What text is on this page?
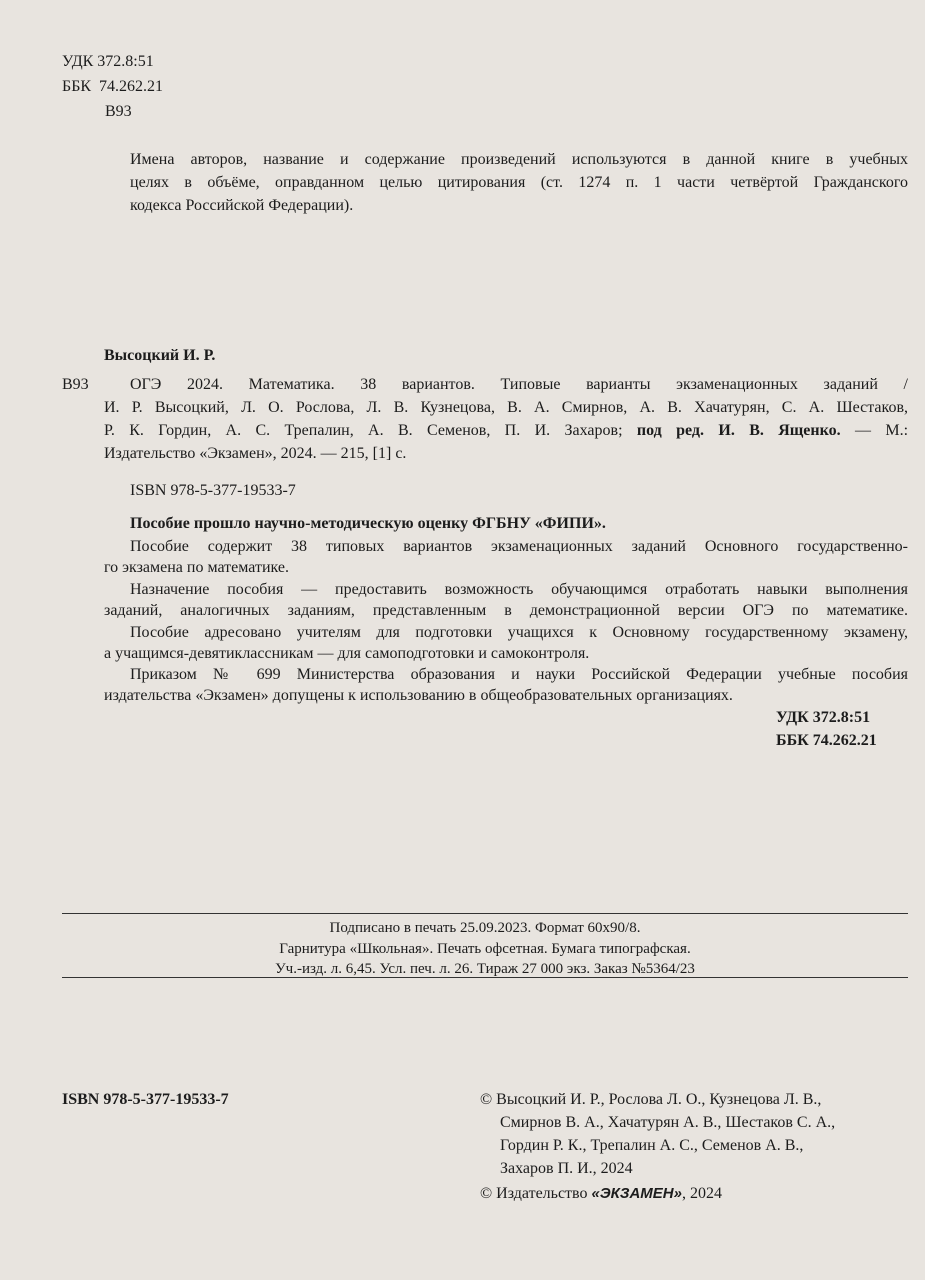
УДК 372.8:51
ББК  74.262.21
В93
Имена авторов, название и содержание произведений используются в данной книге в учебных
целях в объёме, оправданном целью цитирования (ст. 1274 п. 1 части четвёртой Гражданского
кодекса Российской Федерации).
Высоцкий И. Р.
В93	ОГЭ 2024. Математика. 38 вариантов. Типовые варианты экзаменационных заданий /
И. Р. Высоцкий, Л. О. Рослова, Л. В. Кузнецова, В. А. Смирнов, А. В. Хачатурян, С. А. Шестаков,
Р. К. Гордин, А. С. Трепалин, А. В. Семенов, П. И. Захаров; под ред. И. В. Ященко. — М.:
Издательство «Экзамен», 2024. — 215, [1] с.
ISBN 978-5-377-19533-7
Пособие прошло научно-методическую оценку ФГБНУ «ФИПИ».
Пособие содержит 38 типовых вариантов экзаменационных заданий Основного государственно-
го экзамена по математике.
Назначение пособия — предоставить возможность обучающимся отработать навыки выполнения
заданий, аналогичных заданиям, представленным в демонстрационной версии ОГЭ по математике.
Пособие адресовано учителям для подготовки учащихся к Основному государственному экзамену,
а учащимся-девятиклассникам — для самоподготовки и самоконтроля.
Приказом № 699 Министерства образования и науки Российской Федерации учебные пособия
издательства «Экзамен» допущены к использованию в общеобразовательных организациях.
УДК 372.8:51
ББК 74.262.21
Подписано в печать 25.09.2023. Формат 60х90/8.
Гарнитура «Школьная». Печать офсетная. Бумага типографская.
Уч.-изд. л. 6,45. Усл. печ. л. 26. Тираж 27 000 экз. Заказ №5364/23
ISBN 978-5-377-19533-7	© Высоцкий И. Р., Рослова Л. О., Кузнецова Л. В.,
Смирнов В. А., Хачатурян А. В., Шестаков С. А.,
Гордин Р. К., Трепалин А. С., Семенов А. В.,
Захаров П. И., 2024
© Издательство «ЭКЗАМЕН», 2024
